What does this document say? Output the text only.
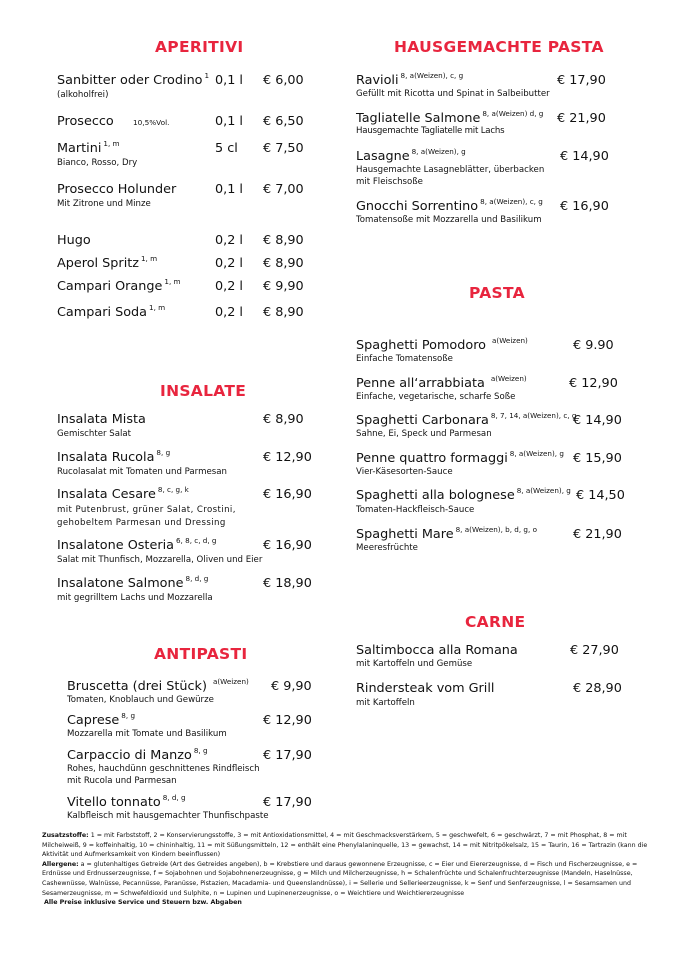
APERITIVI
INSALATE
ANTIPASTI
HAUSGEMACHTE PASTA
PASTA
CARNE
Sanbitter oder Crodino $^1$
(alkoholfrei)
0,1 l € 6,00
Prosecco	10,5%Vol.	0,1 l € 6,50
Martini $^{1, m}$
Bianco, Rosso, Dry
5 cl € 7,50
Prosecco Holunder
Mit Zitrone und Minze
0,1 l € 7,00
Hugo	0,2 l € 8,90
Aperol Spritz $^{1, m}$	0,2 l € 8,90
Campari Orange $^{1, m}$	0,2 l € 9,90
Campari Soda $^{1, m}$	0,2 l € 8,90
Insalata Mista
Gemischter Salat
€ 8,90
Insalata Rucola $^{8, g}$
Rucolasalat mit Tomaten und Parmesan
€ 12,90
Insalata Cesare $^{8, c, g, k}$
mit Putenbrust, grüner Salat, Crostini,
gehobeltem Parmesan und Dressing
€ 16,90
Insalatone Osteria $^{6, 8, c, d, g}$
Salat mit Thunfisch, Mozzarella, Oliven und Eier
€ 16,90
Insalatone Salmone $^{8, d, g}$
mit gegrilltem Lachs und Mozzarella
€ 18,90
Bruscetta (drei Stück) $^{a(Weizen)}$
Tomaten, Knoblauch und Gewürze
€ 9,90
Caprese $^{8, g}$
Mozzarella mit Tomate und Basilikum
€ 12,90
Carpaccio di Manzo $^{8, g}$
Rohes, hauchdünn geschnittenes Rindfleisch
mit Rucola und Parmesan
€ 17,90
Vitello tonnato $^{8, d, g}$
Kalbfleisch mit hausgemachter Thunfischpaste
€ 17,90
Ravioli $^{8, a(Weizen), c, g}$
Gefüllt mit Ricotta und Spinat in Salbeibutter
€ 17,90
Tagliatelle Salmone $^{8, a(Weizen) d, g}$
Hausgemachte Tagliatelle mit Lachs
€ 21,90
Lasagne $^{8, a(Weizen), g}$
Hausgemachte Lasagneblätter, überbacken
mit Fleischsoße
€ 14,90
Gnocchi Sorrentino $^{8, a(Weizen), c, g}$
Tomatensoße mit Mozzarella und Basilikum
€ 16,90
Spaghetti Pomodoro $^{a(Weizen)}$
Einfache Tomatensoße
€ 9.90
Penne all‘arrabbiata $^{a(Weizen)}$
Einfache, vegetarische, scharfe Soße
€ 12,90
Spaghetti Carbonara $^{8, 7, 14, a(Weizen), c, g}$
Sahne, Ei, Speck und Parmesan
€ 14,90
Penne quattro formaggi $^{8, a(Weizen), g}$
Vier-Käsesorten-Sauce
€ 15,90
Spaghetti alla bolognese $^{8, a(Weizen), g}$
Tomaten-Hackfleisch-Sauce
€ 14,50
Spaghetti Mare $^{8, a(Weizen), b, d, g, o}$
Meeresfrüchte
€ 21,90
Saltimbocca alla Romana
mit Kartoffeln und Gemüse
€ 27,90
Rindersteak vom Grill
mit Kartoffeln
€ 28,90

Zusatzstoffe: 1 = mit Farbststoff, 2 = Konservierungsstoffe, 3 = mit Antioxidationsmittel, 4 = mit Geschmacksverstärkern, 5 = geschwefelt, 6 = geschwärzt, 7 = mit Phosphat, 8 = mit Milcheiweiß, 9 = koffeinhaltig, 10 = chininhaltig, 11 = mit Süßungsmitteln, 12 = enthält eine Phenylalaninquelle, 13 = gewachst, 14 = mit Nitritpökelsalz, 15 = Taurin, 16 = Tartrazin (kann die Aktivität und Aufmerksamkeit von Kindern beeinflussen)

Allergene: a = glutenhaltiges Getreide (Art des Getreides angeben), b = Krebstiere und daraus gewonnene Erzeugnisse, c = Eier und Eiererzeugnisse, d = Fisch und Fischerzeugnisse, e = Erdnüsse und Erdnusserzeugnisse, f = Sojabohnen und Sojabohnenerzeugnisse, g = Milch und Milcherzeugnisse, h = Schalenfrüchte und Schalenfruchterzeugnisse (Mandeln, Haselnüsse, Cashewnüsse, Walnüsse, Pecannüsse, Paranüsse, Pistazien, Macadamia- und Queenslandnüsse), i = Sellerie und Sellerieerzeugnisse, k = Senf und Senferzeugnisse, l = Sesamsamen und Sesamerzeugnisse, m = Schwefeldioxid und Sulphite, n = Lupinen und Lupinenerzeugnisse, o = Weichtiere und Weichtiererzeugnisse

Alle Preise inklusive Service und Steuern bzw. Abgaben
